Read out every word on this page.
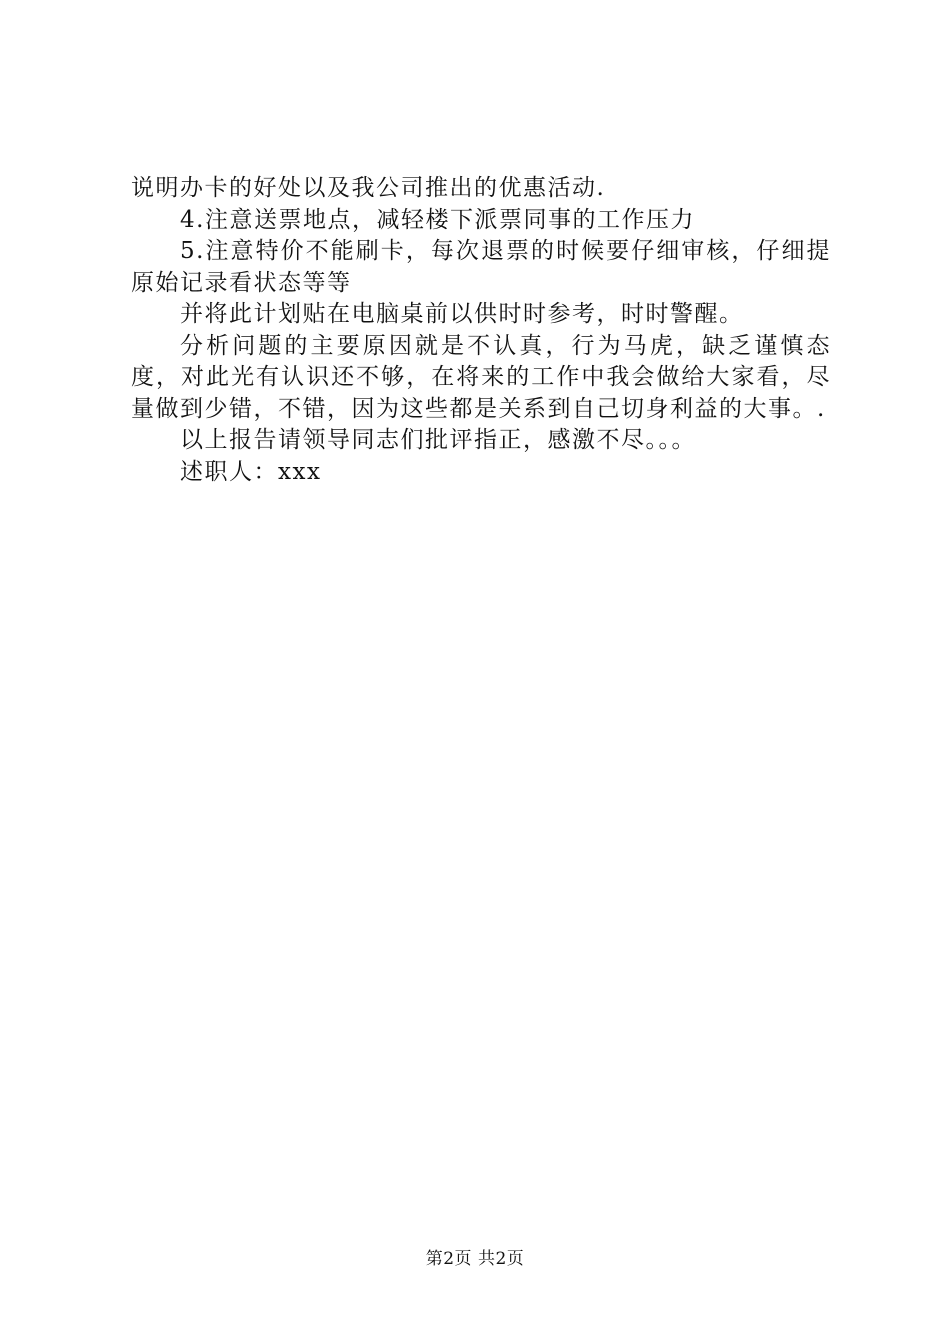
说明办卡的好处以及我公司推出的优惠活动.

4.注意送票地点，减轻楼下派票同事的工作压力

5.注意特价不能刷卡，每次退票的时候要仔细审核，仔细提原始记录看状态等等

并将此计划贴在电脑桌前以供时时参考，时时警醒。

分析问题的主要原因就是不认真，行为马虎，缺乏谨慎态度，对此光有认识还不够，在将来的工作中我会做给大家看，尽量做到少错，不错，因为这些都是关系到自己切身利益的大事。.

以上报告请领导同志们批评指正，感激不尽。。。

述职人：xxx

第2页 共2页
